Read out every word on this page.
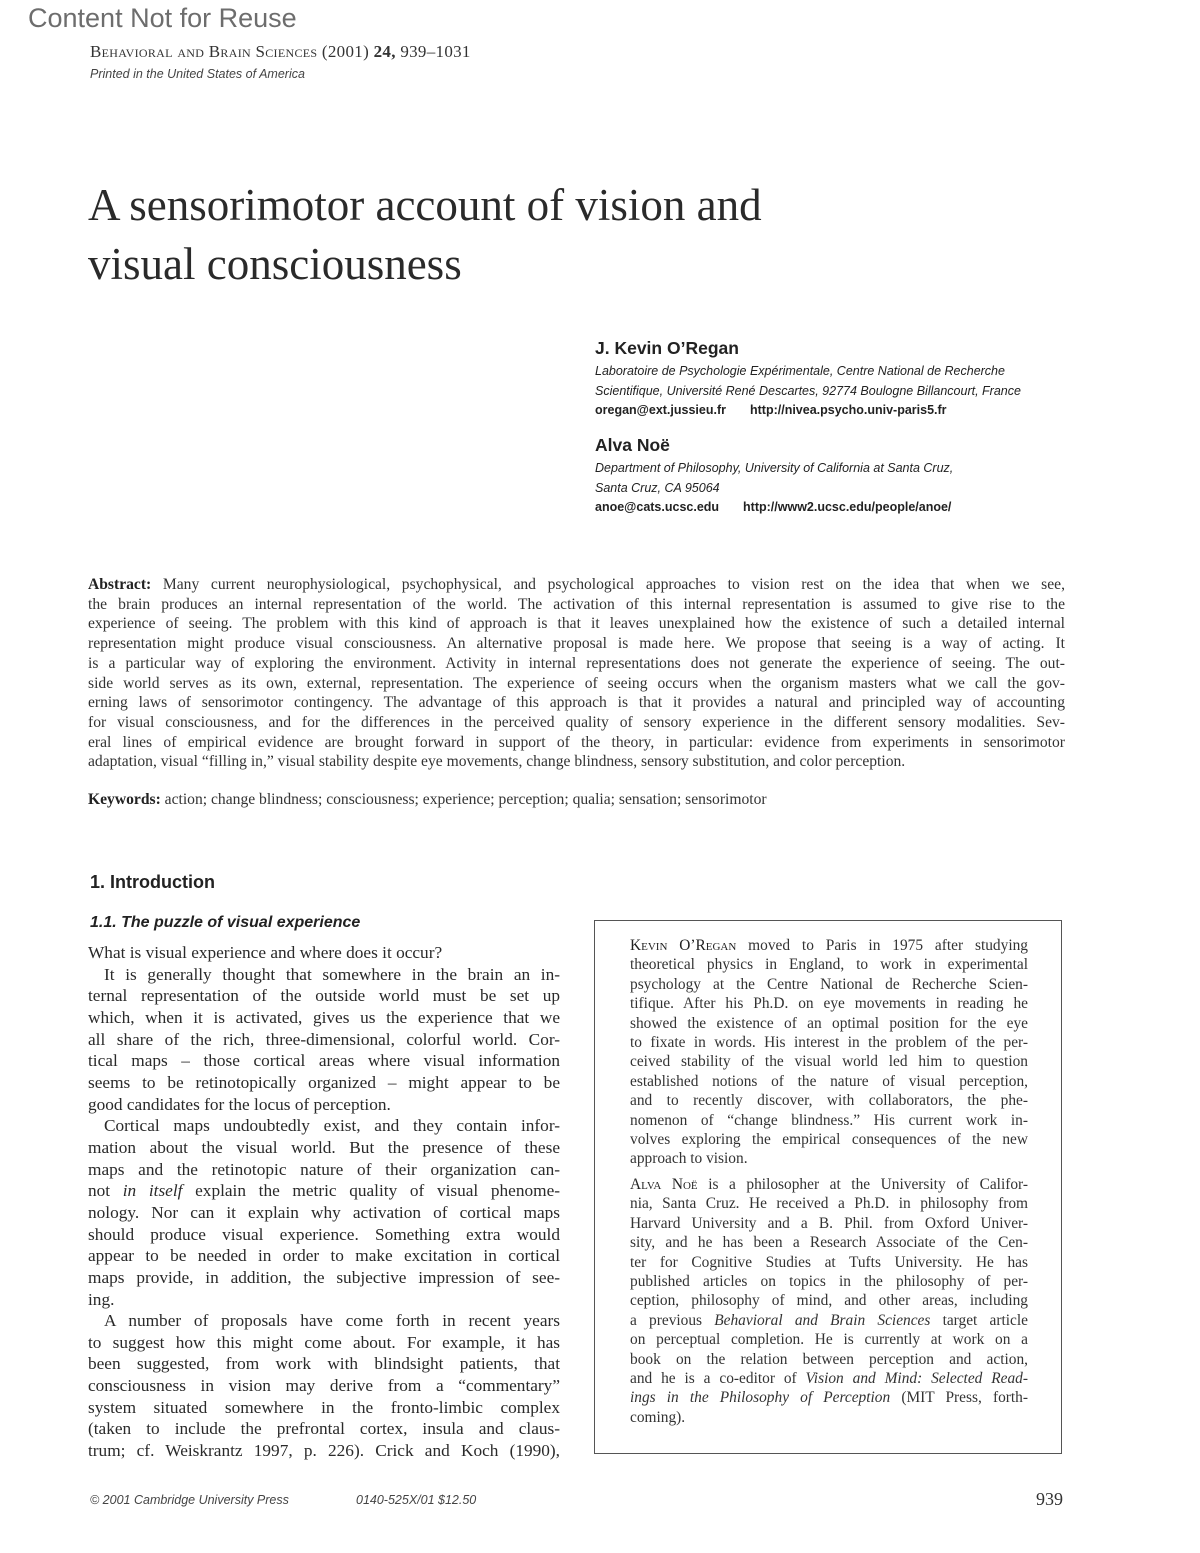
Content Not for Reuse
Behavioral and Brain Sciences (2001) 24, 939–1031
Printed in the United States of America
A sensorimotor account of vision and
visual consciousness
J. Kevin O’Regan
Laboratoire de Psychologie Expérimentale, Centre National de Recherche
Scientifique, Université René Descartes, 92774 Boulogne Billancourt, France
oregan@ext.jussieu.fr http://nivea.psycho.univ-paris5.fr
Alva Noë
Department of Philosophy, University of California at Santa Cruz,
Santa Cruz, CA 95064
anoe@cats.ucsc.edu http://www2.ucsc.edu/people/anoe/
Abstract: Many current neurophysiological, psychophysical, and psychological approaches to vision rest on the idea that when we see,
the brain produces an internal representation of the world. The activation of this internal representation is assumed to give rise to the
experience of seeing. The problem with this kind of approach is that it leaves unexplained how the existence of such a detailed internal
representation might produce visual consciousness. An alternative proposal is made here. We propose that seeing is a way of acting. It
is a particular way of exploring the environment. Activity in internal representations does not generate the experience of seeing. The out-
side world serves as its own, external, representation. The experience of seeing occurs when the organism masters what we call the gov-
erning laws of sensorimotor contingency. The advantage of this approach is that it provides a natural and principled way of accounting
for visual consciousness, and for the differences in the perceived quality of sensory experience in the different sensory modalities. Sev-
eral lines of empirical evidence are brought forward in support of the theory, in particular: evidence from experiments in sensorimotor
adaptation, visual “filling in,” visual stability despite eye movements, change blindness, sensory substitution, and color perception.
Keywords: action; change blindness; consciousness; experience; perception; qualia; sensation; sensorimotor
1. Introduction
1.1. The puzzle of visual experience
What is visual experience and where does it occur?
It is generally thought that somewhere in the brain an in-
ternal representation of the outside world must be set up
which, when it is activated, gives us the experience that we
all share of the rich, three-dimensional, colorful world. Cor-
tical maps – those cortical areas where visual information
seems to be retinotopically organized – might appear to be
good candidates for the locus of perception.
Cortical maps undoubtedly exist, and they contain infor-
mation about the visual world. But the presence of these
maps and the retinotopic nature of their organization can-
not in itself explain the metric quality of visual phenome-
nology. Nor can it explain why activation of cortical maps
should produce visual experience. Something extra would
appear to be needed in order to make excitation in cortical
maps provide, in addition, the subjective impression of see-
ing.
A number of proposals have come forth in recent years
to suggest how this might come about. For example, it has
been suggested, from work with blindsight patients, that
consciousness in vision may derive from a “commentary”
system situated somewhere in the fronto-limbic complex
(taken to include the prefrontal cortex, insula and claus-
trum; cf. Weiskrantz 1997, p. 226). Crick and Koch (1990),
Kevin O’Regan moved to Paris in 1975 after studying
theoretical physics in England, to work in experimental
psychology at the Centre National de Recherche Scien-
tifique. After his Ph.D. on eye movements in reading he
showed the existence of an optimal position for the eye
to fixate in words. His interest in the problem of the per-
ceived stability of the visual world led him to question
established notions of the nature of visual perception,
and to recently discover, with collaborators, the phe-
nomenon of “change blindness.” His current work in-
volves exploring the empirical consequences of the new
approach to vision.
Alva Noë is a philosopher at the University of Califor-
nia, Santa Cruz. He received a Ph.D. in philosophy from
Harvard University and a B. Phil. from Oxford Univer-
sity, and he has been a Research Associate of the Cen-
ter for Cognitive Studies at Tufts University. He has
published articles on topics in the philosophy of per-
ception, philosophy of mind, and other areas, including
a previous Behavioral and Brain Sciences target article
on perceptual completion. He is currently at work on a
book on the relation between perception and action,
and he is a co-editor of Vision and Mind: Selected Read-
ings in the Philosophy of Perception (MIT Press, forth-
coming).
© 2001 Cambridge University Press	0140-525X/01 $12.50	939
